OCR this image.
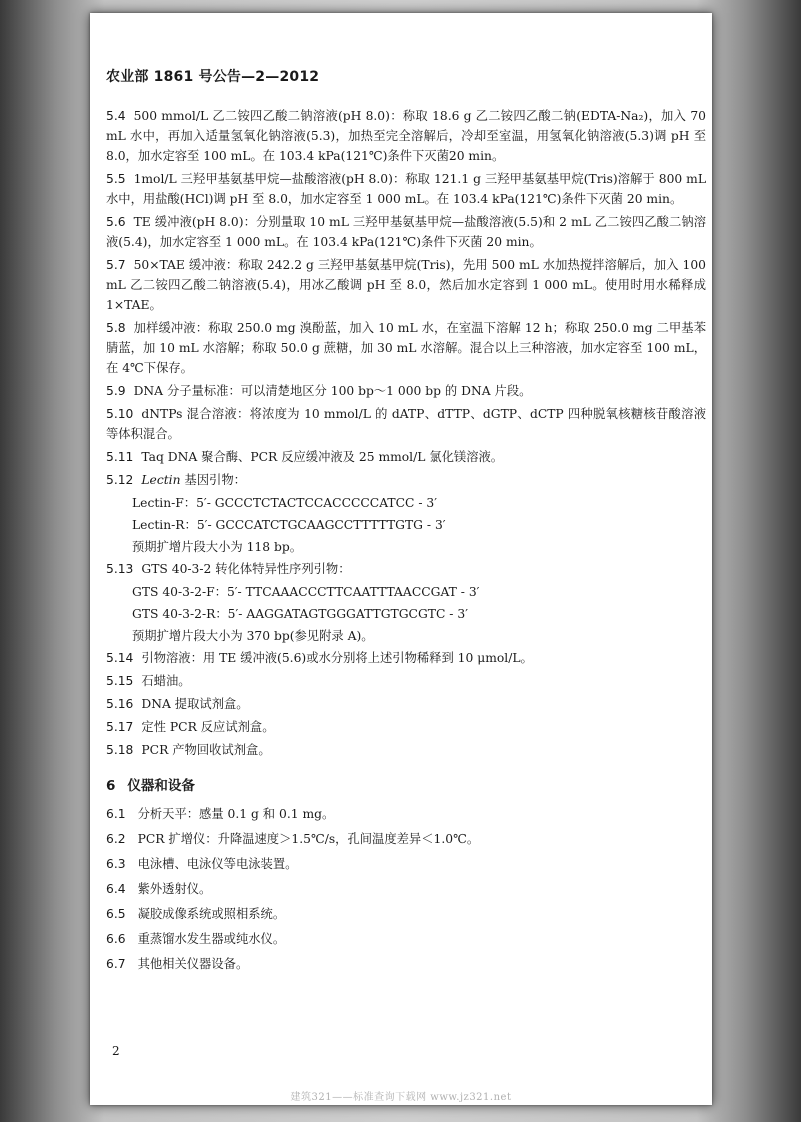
农业部 1861 号公告—2—2012
5.4 500 mmol/L 乙二铵四乙酸二钠溶液(pH 8.0)：称取 18.6 g 乙二铵四乙酸二钠(EDTA-Na₂)，加入 70 mL 水中，再加入适量氢氧化钠溶液(5.3)，加热至完全溶解后，冷却至室温，用氢氧化钠溶液(5.3)调 pH 至 8.0，加水定容至 100 mL。在 103.4 kPa(121℃)条件下灭菌20 min。
5.5 1mol/L 三羟甲基氨基甲烷—盐酸溶液(pH 8.0)：称取 121.1 g 三羟甲基氨基甲烷(Tris)溶解于 800 mL 水中，用盐酸(HCl)调 pH 至 8.0，加水定容至 1 000 mL。在 103.4 kPa(121℃)条件下灭菌 20 min。
5.6 TE 缓冲液(pH 8.0)：分别量取 10 mL 三羟甲基氨基甲烷—盐酸溶液(5.5)和 2 mL 乙二铵四乙酸二钠溶液(5.4)，加水定容至 1 000 mL。在 103.4 kPa(121℃)条件下灭菌 20 min。
5.7 50×TAE 缓冲液：称取 242.2 g 三羟甲基氨基甲烷(Tris)，先用 500 mL 水加热搅拌溶解后，加入 100 mL 乙二铵四乙酸二钠溶液(5.4)，用冰乙酸调 pH 至 8.0，然后加水定容到 1 000 mL。使用时用水稀释成 1×TAE。
5.8 加样缓冲液：称取 250.0 mg 溴酚蓝，加入 10 mL 水，在室温下溶解 12 h；称取 250.0 mg 二甲基苯腈蓝，加 10 mL 水溶解；称取 50.0 g 蔗糖，加 30 mL 水溶解。混合以上三种溶液，加水定容至 100 mL，在 4℃下保存。
5.9 DNA 分子量标准：可以清楚地区分 100 bp～1 000 bp 的 DNA 片段。
5.10 dNTPs 混合溶液：将浓度为 10 mmol/L 的 dATP、dTTP、dGTP、dCTP 四种脱氧核糖核苷酸溶液等体积混合。
5.11 Taq DNA 聚合酶、PCR 反应缓冲液及 25 mmol/L 氯化镁溶液。
5.12 Lectin 基因引物：
Lectin-F：5′- GCCCTCTACTCCACCCCCATCC - 3′
Lectin-R：5′- GCCCATCTGCAAGCCTTTTTGTG - 3′
预期扩增片段大小为 118 bp。
5.13 GTS 40-3-2 转化体特异性序列引物：
GTS 40-3-2-F：5′- TTCAAACCCTTCAATTTAACCGAT - 3′
GTS 40-3-2-R：5′- AAGGATAGTGGGATTGTGCGTC - 3′
预期扩增片段大小为 370 bp(参见附录 A)。
5.14 引物溶液：用 TE 缓冲液(5.6)或水分别将上述引物稀释到 10 μmol/L。
5.15 石蜡油。
5.16 DNA 提取试剂盒。
5.17 定性 PCR 反应试剂盒。
5.18 PCR 产物回收试剂盒。
6 仪器和设备
6.1 分析天平：感量 0.1 g 和 0.1 mg。
6.2 PCR 扩增仪：升降温速度＞1.5℃/s，孔间温度差异＜1.0℃。
6.3 电泳槽、电泳仪等电泳装置。
6.4 紫外透射仪。
6.5 凝胶成像系统或照相系统。
6.6 重蒸馏水发生器或纯水仪。
6.7 其他相关仪器设备。
2
建筑321——标准查询下载网 www.jz321.net
